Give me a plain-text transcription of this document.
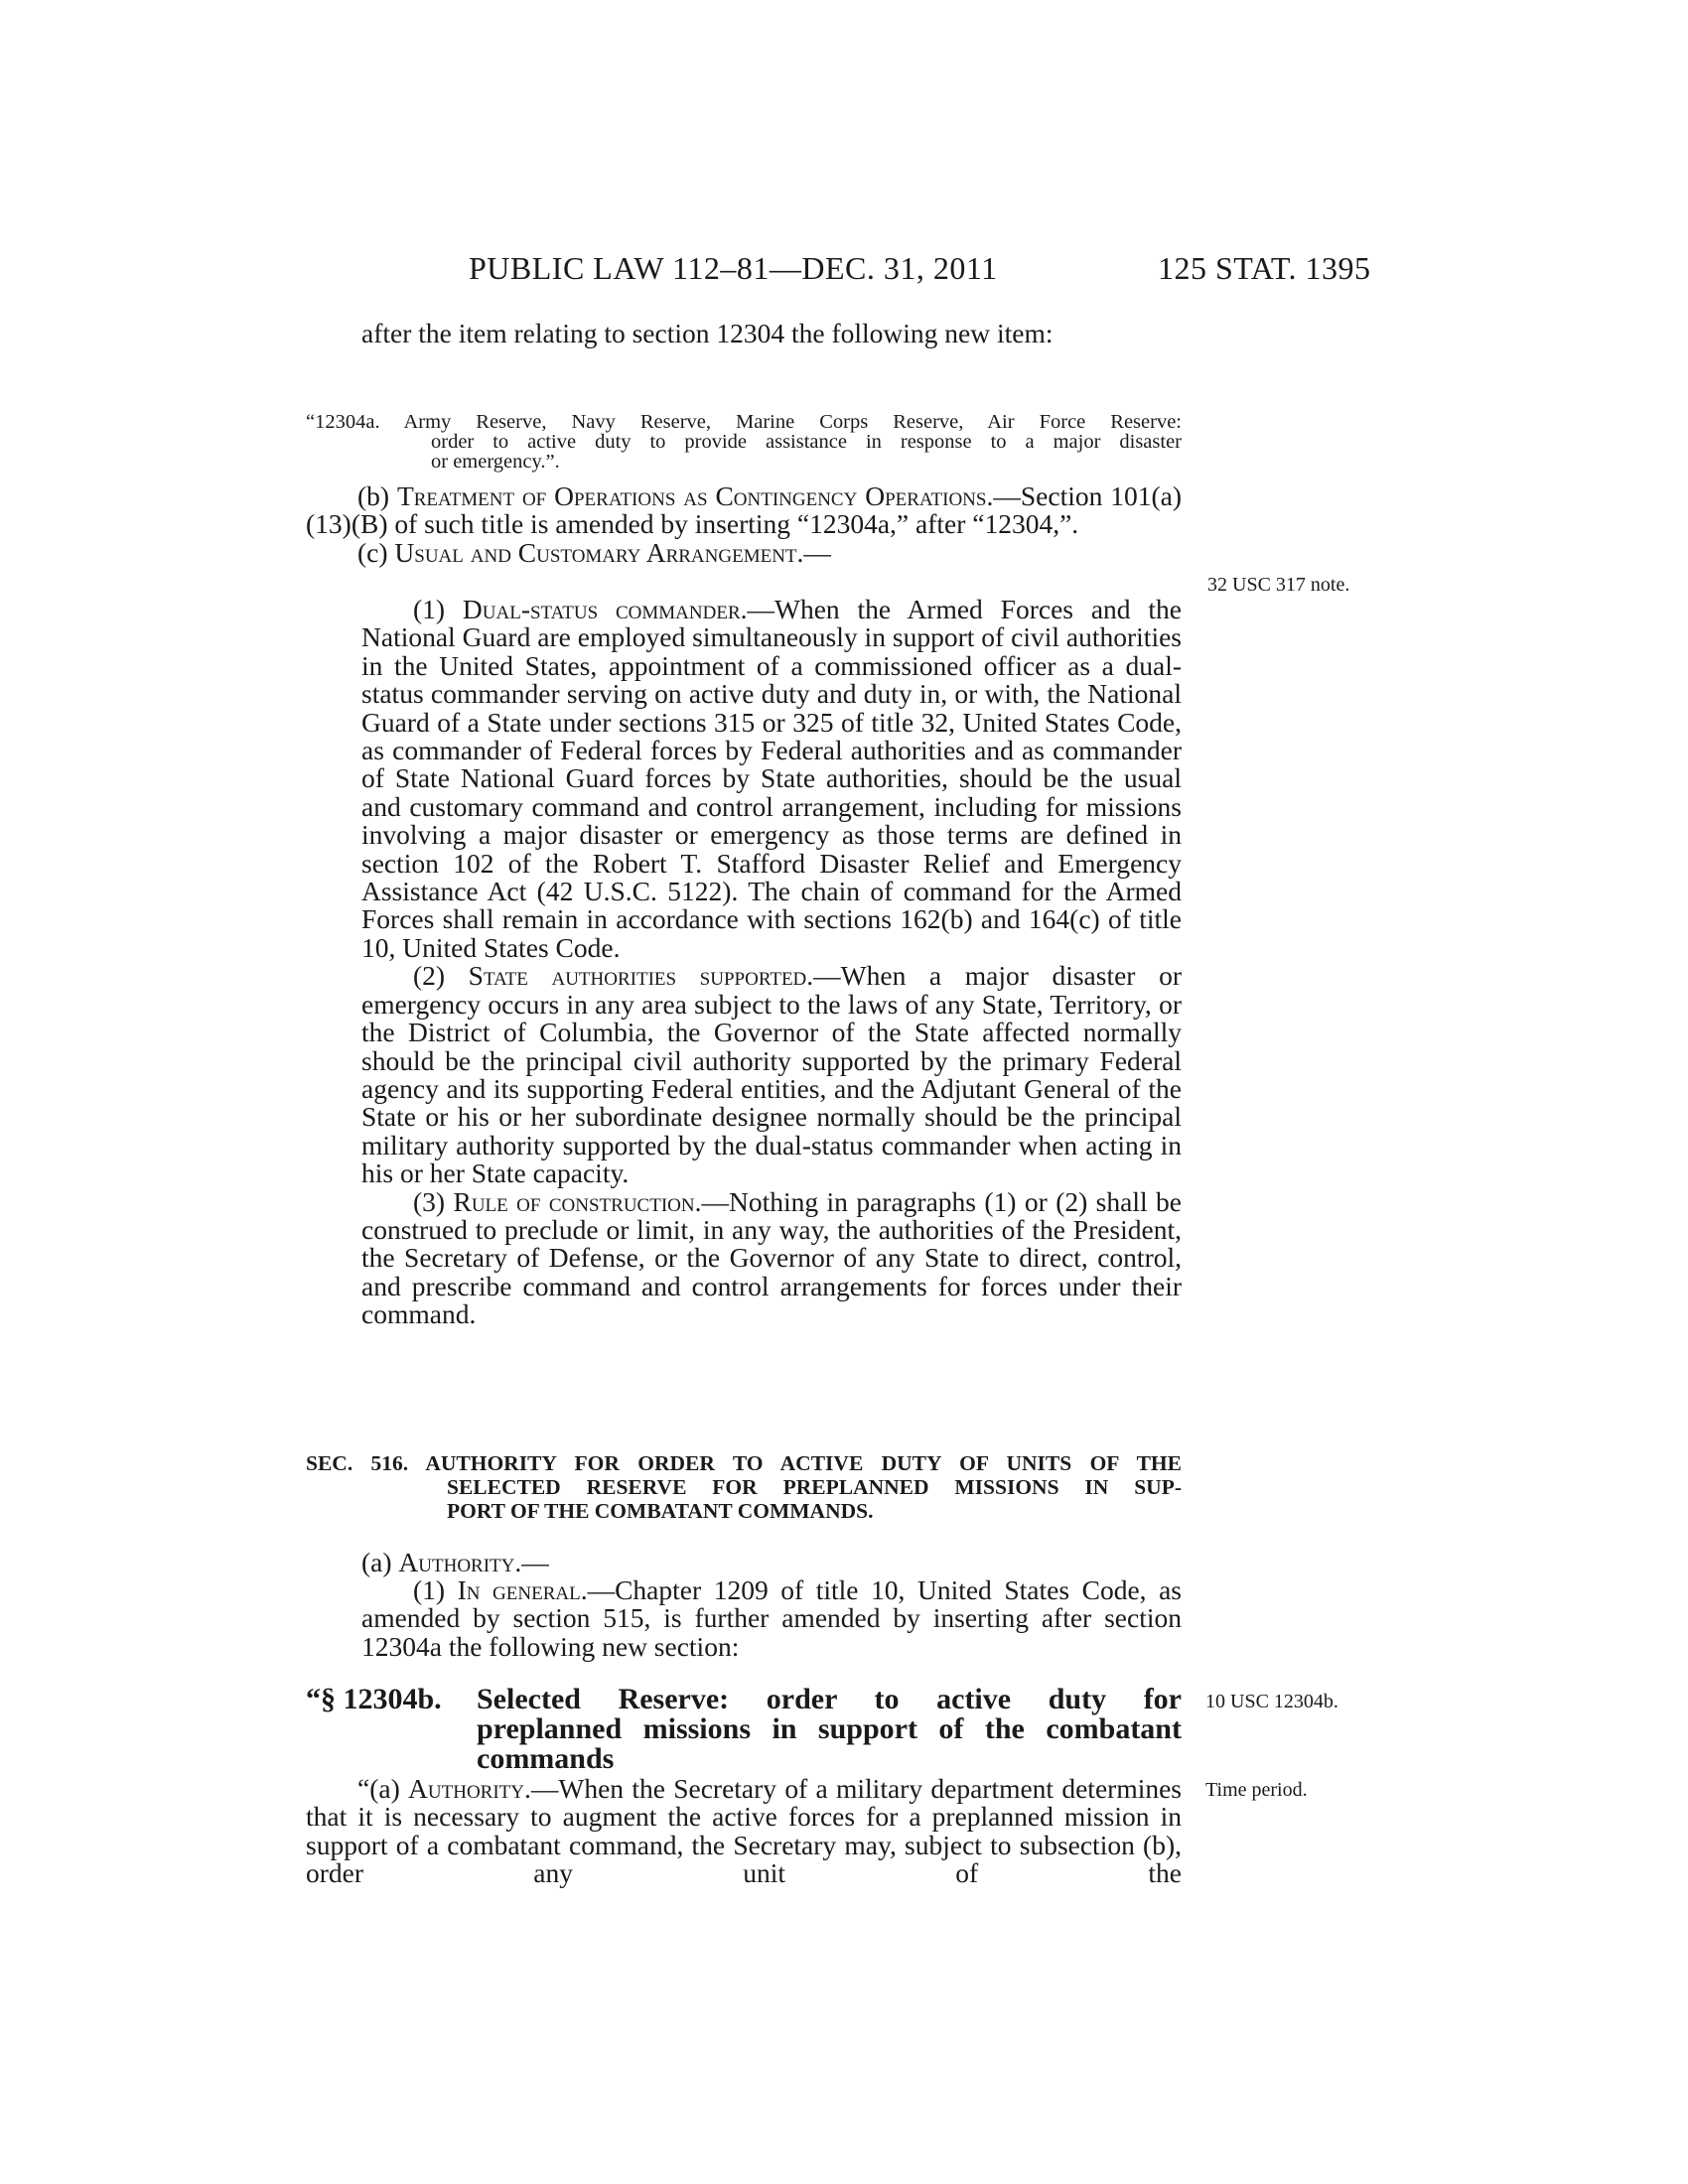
PUBLIC LAW 112–81—DEC. 31, 2011	125 STAT. 1395
32 USC 317 note.
10 USC 12304b.
Time period.
after the item relating to section 12304 the following new item:
“12304a. Army Reserve, Navy Reserve, Marine Corps Reserve, Air Force Reserve:
order to active duty to provide assistance in response to a major disaster
or emergency.”.

(b) Treatment of Operations as Contingency Operations.—Section 101(a)(13)(B) of such title is amended by inserting “12304a,” after “12304,”.

(c) Usual and Customary Arrangement.—

(1) Dual-status commander.—When the Armed Forces and the National Guard are employed simultaneously in support of civil authorities in the United States, appointment of a commissioned officer as a dual-status commander serving on active duty and duty in, or with, the National Guard of a State under sections 315 or 325 of title 32, United States Code, as commander of Federal forces by Federal authorities and as commander of State National Guard forces by State authorities, should be the usual and customary command and control arrangement, including for missions involving a major disaster or emergency as those terms are defined in section 102 of the Robert T. Stafford Disaster Relief and Emergency Assistance Act (42 U.S.C. 5122). The chain of command for the Armed Forces shall remain in accordance with sections 162(b) and 164(c) of title 10, United States Code.

(2) State authorities supported.—When a major disaster or emergency occurs in any area subject to the laws of any State, Territory, or the District of Columbia, the Governor of the State affected normally should be the principal civil authority supported by the primary Federal agency and its supporting Federal entities, and the Adjutant General of the State or his or her subordinate designee normally should be the principal military authority supported by the dual-status commander when acting in his or her State capacity.

(3) Rule of construction.—Nothing in paragraphs (1) or (2) shall be construed to preclude or limit, in any way, the authorities of the President, the Secretary of Defense, or the Governor of any State to direct, control, and prescribe command and control arrangements for forces under their command.

SEC. 516. AUTHORITY FOR ORDER TO ACTIVE DUTY OF UNITS OF THE
SELECTED RESERVE FOR PREPLANNED MISSIONS IN SUP-
PORT OF THE COMBATANT COMMANDS.

(a) Authority.—

(1) In general.—Chapter 1209 of title 10, United States Code, as amended by section 515, is further amended by inserting after section 12304a the following new section:

“§ 12304b. Selected Reserve: order to active duty for
preplanned missions in support of the combatant
commands

“(a) Authority.—When the Secretary of a military department determines that it is necessary to augment the active forces for a preplanned mission in support of a combatant command, the Secretary may, subject to subsection (b), order any unit of the
